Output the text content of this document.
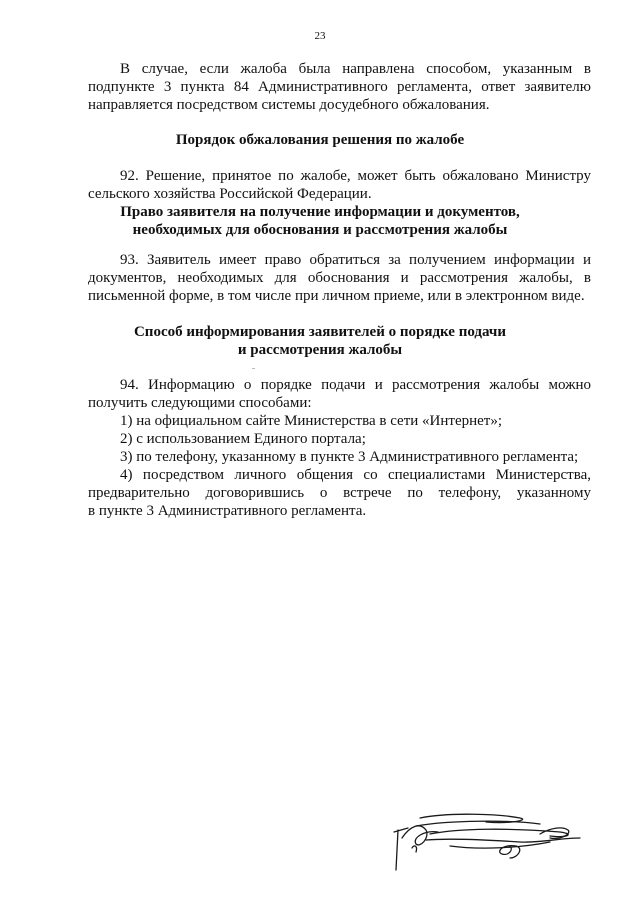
23

В случае, если жалоба была направлена способом, указанным в

подпункте 3 пункта 84 Административного регламента, ответ заявителю

направляется посредством системы досудебного обжалования.

Порядок обжалования решения по жалобе

92. Решение, принятое по жалобе, может быть обжаловано Министру

сельского хозяйства Российской Федерации.

Право заявителя на получение информации и документов,

необходимых для обоснования и рассмотрения жалобы

93. Заявитель имеет право обратиться за получением информации и

документов, необходимых для обоснования и рассмотрения жалобы, в

письменной форме, в том числе при личном приеме, или в электронном виде.

Способ информирования заявителей о порядке подачи

и рассмотрения жалобы

94. Информацию о порядке подачи и рассмотрения жалобы можно

получить следующими способами:

1) на официальном сайте Министерства в сети «Интернет»;

2) с использованием Единого портала;

3) по телефону, указанному в пункте 3 Административного регламента;

4) посредством личного общения со специалистами Министерства,

предварительно договорившись о встрече по телефону, указанному

в пункте 3 Административного регламента.
